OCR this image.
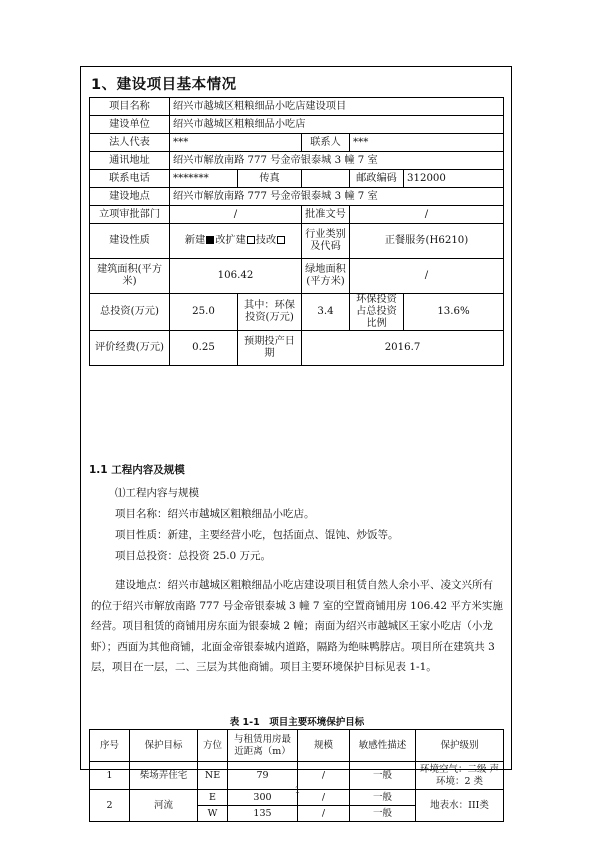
1、建设项目基本情况
项目名称	绍兴市越城区粗粮细品小吃店建设项目				
建设单位	绍兴市越城区粗粮细品小吃店				
法人代表	***		联系人	***	
通讯地址	绍兴市解放南路 777 号金帝银泰城 3 幢 7 室				
联系电话	*******	传真		邮政编码	312000
建设地点	绍兴市解放南路 777 号金帝银泰城 3 幢 7 室				
立项审批部门	/		批准文号	/	
建设性质	新建 改扩建 技改		行业类别及代码	正餐服务(H6210)	
建筑面积(平方米)	106.42		绿地面积(平方米)	/	
总投资(万元)	25.0	其中：环保投资(万元)	3.4	环保投资占总投资比例	13.6%
评价经费(万元)	0.25	预期投产日期	2016.7		
1.1 工程内容及规模
⑴工程内容与规模
项目名称：绍兴市越城区粗粮细品小吃店。
项目性质：新建，主要经营小吃，包括面点、馄饨、炒饭等。
项目总投资：总投资 25.0 万元。
建设地点：绍兴市越城区粗粮细品小吃店建设项目租赁自然人余小平、凌文兴所有的位于绍兴市解放南路 777 号金帝银泰城 3 幢 7 室的空置商铺用房 106.42 平方米实施经营。项目租赁的商铺用房东面为银泰城 2 幢；南面为绍兴市越城区王家小吃店（小龙虾）；西面为其他商铺，北面金帝银泰城内道路，隔路为绝味鸭脖店。项目所在建筑共 3 层，项目在一层，二、三层为其他商铺。项目主要环境保护目标见表 1-1。
表 1-1　项目主要环境保护目标
序号	保护目标	方位	与租赁用房最近距离（m）	规模	敏感性描述	保护级别
1	柴场弄住宅	NE	79	/	一般	环境空气：二级 声环境：2 类
2	河流	E	300	/	一般	地表水：III类
		W	135	/	一般	
1
